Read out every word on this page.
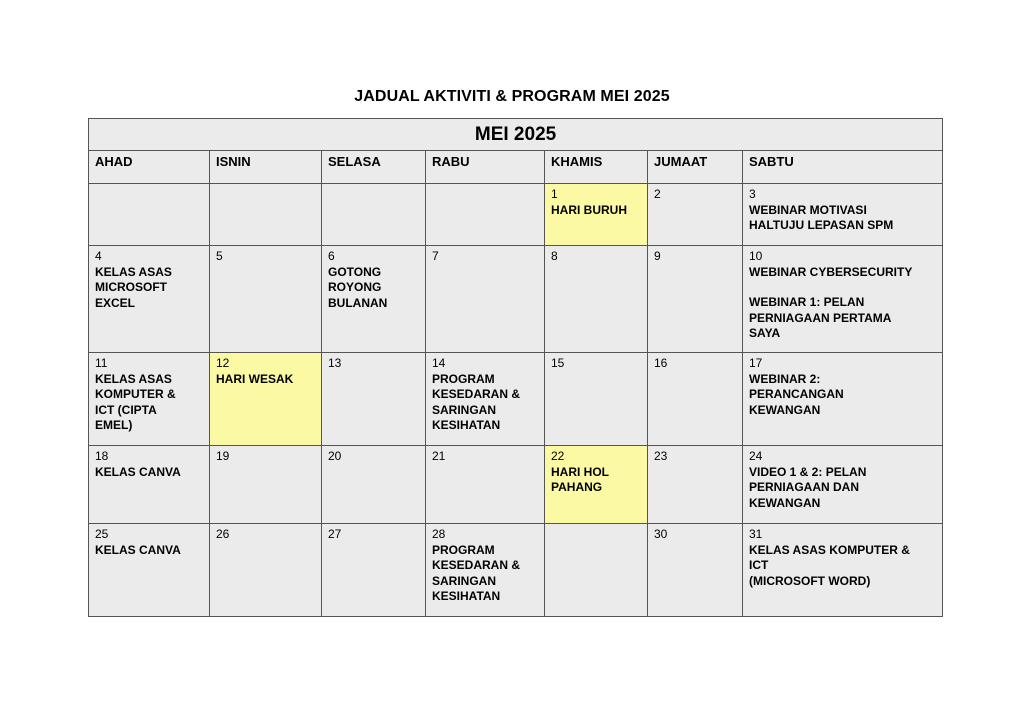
JADUAL AKTIVITI & PROGRAM MEI 2025
MEI 2025						
AHAD	ISNIN	SELASA	RABU	KHAMIS	JUMAAT	SABTU

				1
HARI BURUH	2	3
WEBINAR MOTIVASI
HALTUJU LEPASAN SPM

4
KELAS ASAS
MICROSOFT
EXCEL	5	6
GOTONG
ROYONG
BULANAN	7	8	9	10
WEBINAR CYBERSECURITY
WEBINAR 1: PELAN
PERNIAGAAN PERTAMA
SAYA

11
KELAS ASAS
KOMPUTER &
ICT (CIPTA
EMEL)	12
HARI WESAK	13	14
PROGRAM
KESEDARAN &
SARINGAN
KESIHATAN	15	16	17
WEBINAR 2:
PERANCANGAN
KEWANGAN

18
KELAS CANVA	19	20	21	22
HARI HOL
PAHANG	23	24
VIDEO 1 & 2: PELAN
PERNIAGAAN DAN
KEWANGAN

25
KELAS CANVA	26	27	28
PROGRAM
KESEDARAN &
SARINGAN
KESIHATAN		30	31
KELAS ASAS KOMPUTER &
ICT
(MICROSOFT WORD)
